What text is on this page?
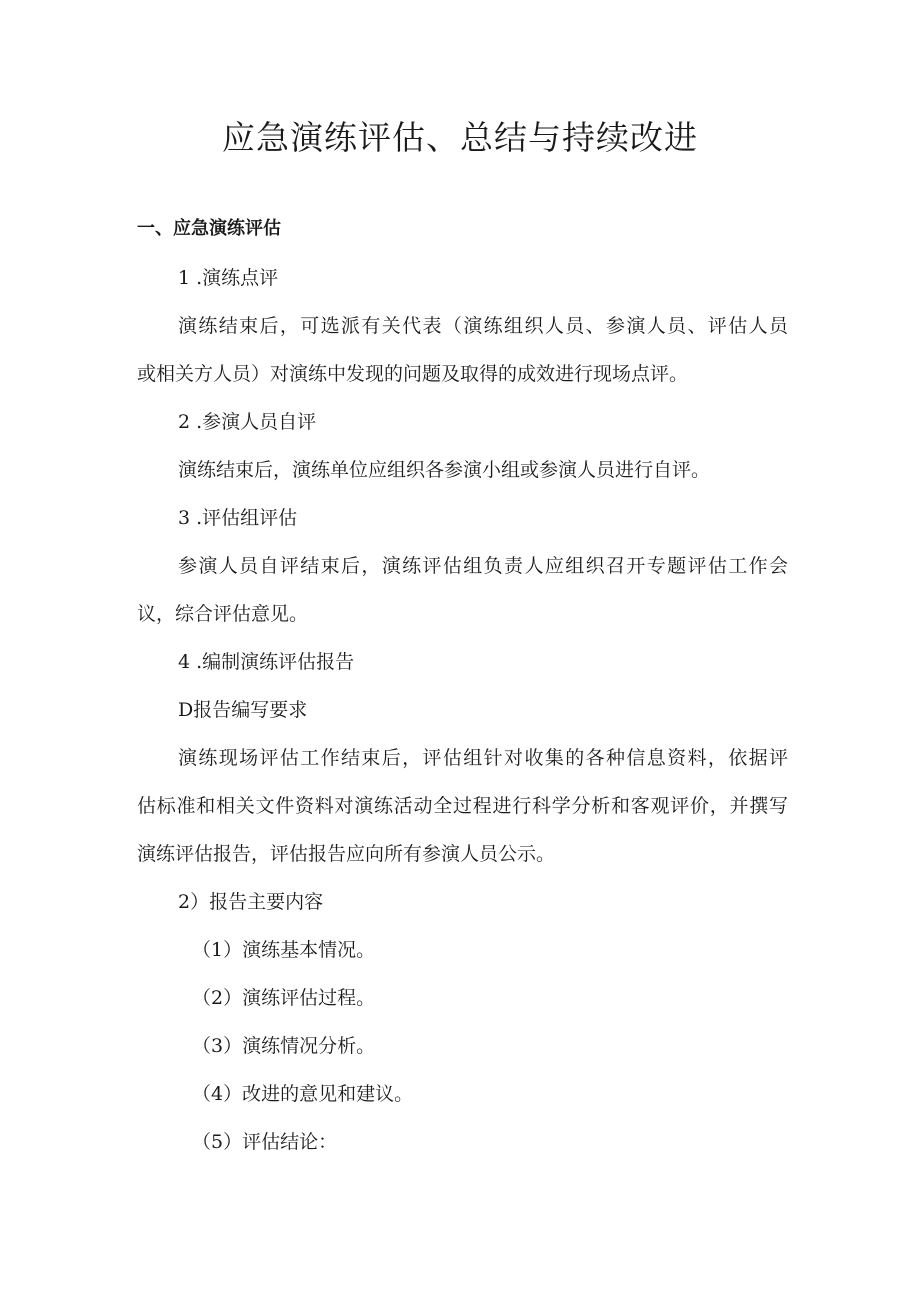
应急演练评估、总结与持续改进
一、应急演练评估
1 .演练点评
演练结束后，可选派有关代表（演练组织人员、参演人员、评估人员
或相关方人员）对演练中发现的问题及取得的成效进行现场点评。
2 .参演人员自评
演练结束后，演练单位应组织各参演小组或参演人员进行自评。
3 .评估组评估
参演人员自评结束后，演练评估组负责人应组织召开专题评估工作会
议，综合评估意见。
4 .编制演练评估报告
D报告编写要求
演练现场评估工作结束后，评估组针对收集的各种信息资料，依据评
估标准和相关文件资料对演练活动全过程进行科学分析和客观评价，并撰写
演练评估报告，评估报告应向所有参演人员公示。
2）报告主要内容
（1）演练基本情况。
（2）演练评估过程。
（3）演练情况分析。
（4）改进的意见和建议。
（5）评估结论：
